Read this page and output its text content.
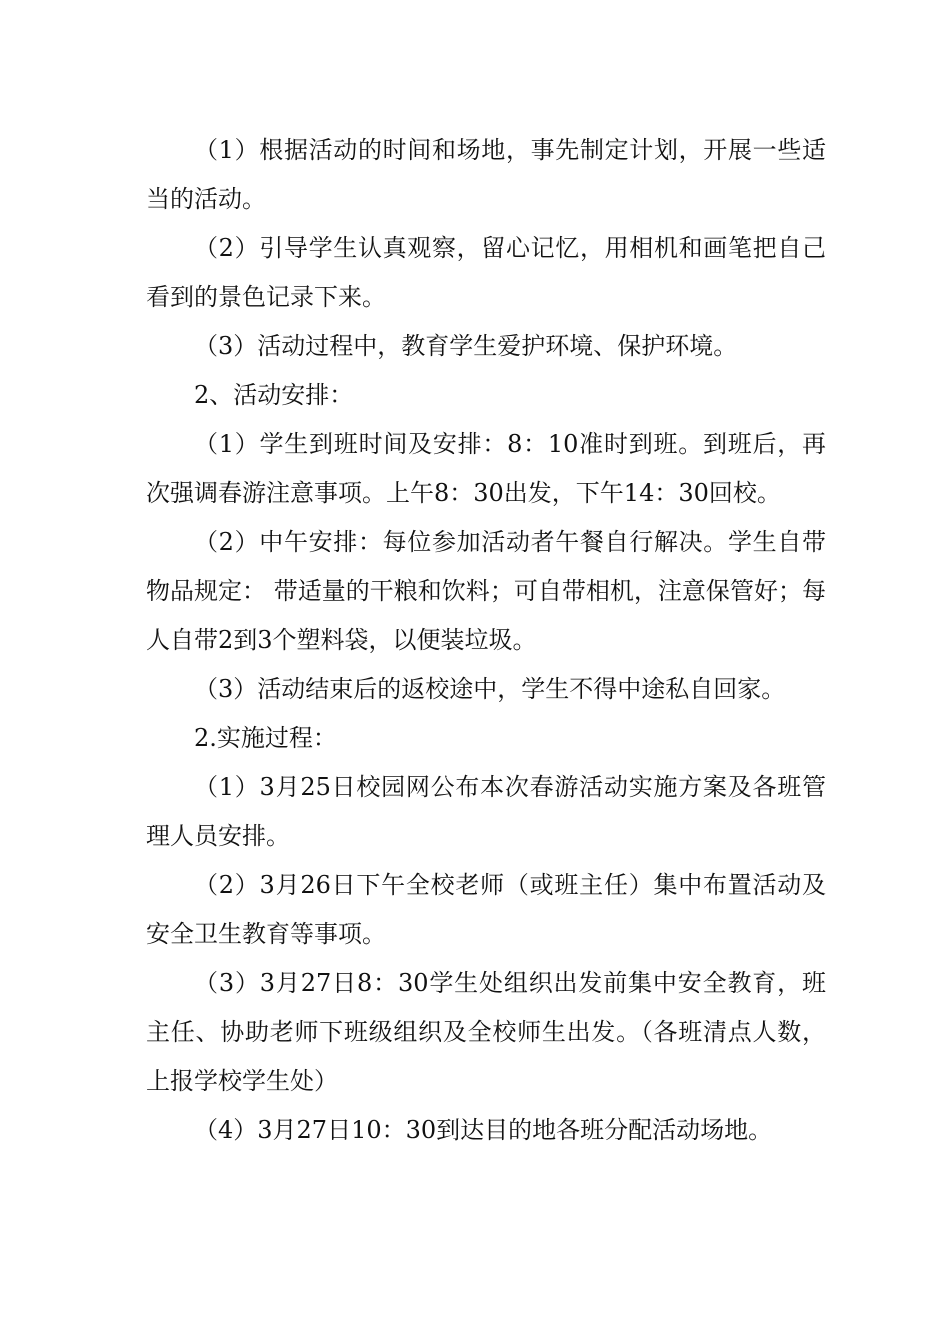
（1）根据活动的时间和场地，事先制定计划，开展一些适当的活动。

（2）引导学生认真观察，留心记忆，用相机和画笔把自己看到的景色记录下来。

（3）活动过程中，教育学生爱护环境、保护环境。

2、活动安排：

（1）学生到班时间及安排：8：10准时到班。到班后，再次强调春游注意事项。上午8：30出发，下午14：30回校。

（2）中午安排：每位参加活动者午餐自行解决。学生自带物品规定： 带适量的干粮和饮料；可自带相机，注意保管好；每人自带2到3个塑料袋，以便装垃圾。

（3）活动结束后的返校途中，学生不得中途私自回家。

2.实施过程：

（1）3月25日校园网公布本次春游活动实施方案及各班管理人员安排。

（2）3月26日下午全校老师（或班主任）集中布置活动及安全卫生教育等事项。

（3）3月27日8：30学生处组织出发前集中安全教育，班主任、协助老师下班级组织及全校师生出发。（各班清点人数，上报学校学生处）

（4）3月27日10：30到达目的地各班分配活动场地。
